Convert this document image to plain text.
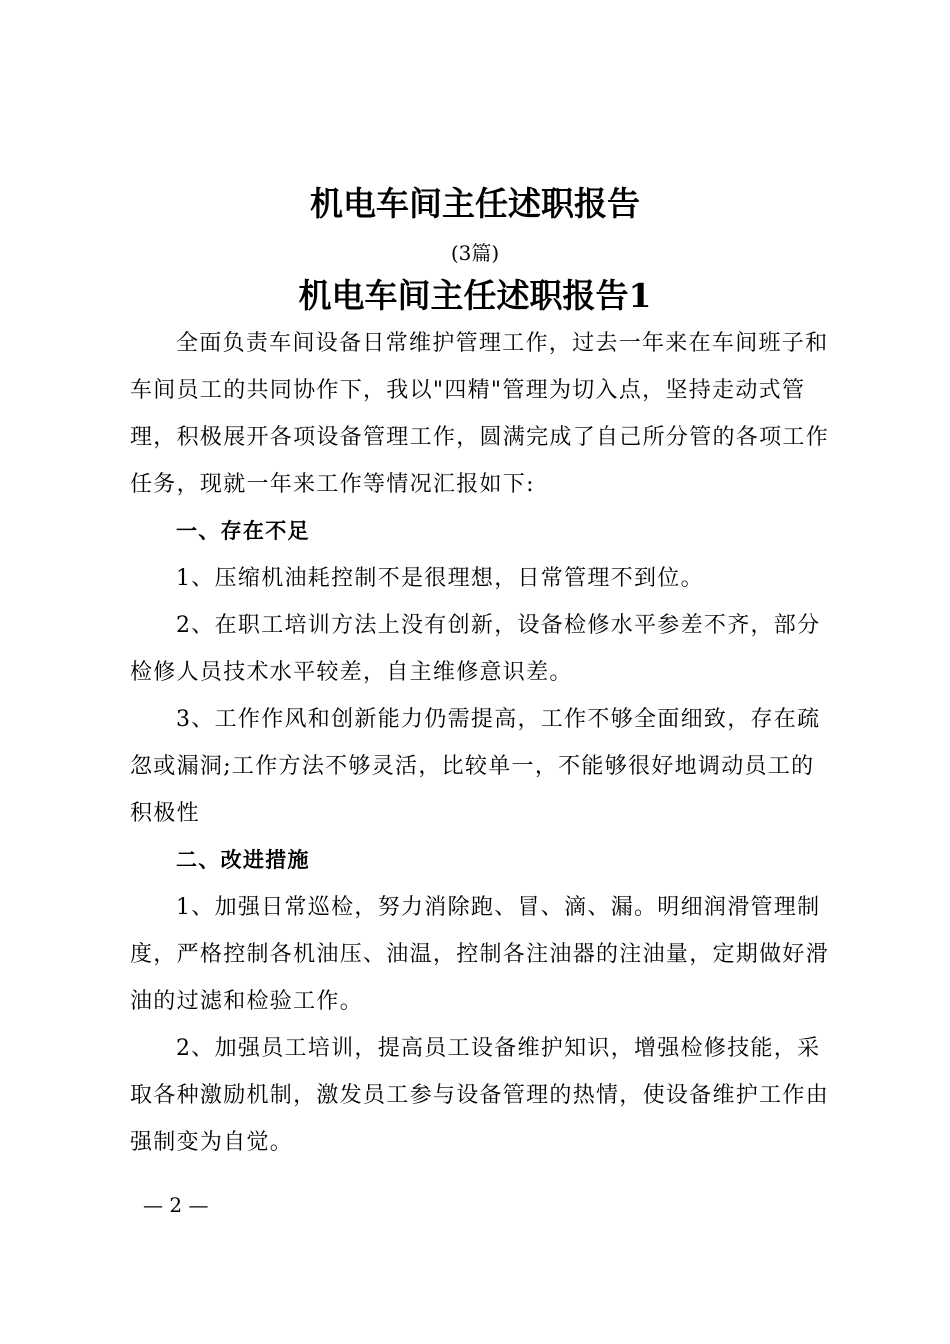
机电车间主任述职报告
(3篇)
机电车间主任述职报告1

全面负责车间设备日常维护管理工作，过去一年来在车间班子和车间员工的共同协作下，我以"四精"管理为切入点，坚持走动式管理，积极展开各项设备管理工作，圆满完成了自己所分管的各项工作任务，现就一年来工作等情况汇报如下:

一、存在不足

1、压缩机油耗控制不是很理想，日常管理不到位。

2、在职工培训方法上没有创新，设备检修水平参差不齐，部分检修人员技术水平较差，自主维修意识差。

3、工作作风和创新能力仍需提高，工作不够全面细致，存在疏忽或漏洞;工作方法不够灵活，比较单一，不能够很好地调动员工的积极性

二、改进措施

1、加强日常巡检，努力消除跑、冒、滴、漏。明细润滑管理制度，严格控制各机油压、油温，控制各注油器的注油量，定期做好滑油的过滤和检验工作。

2、加强员工培训，提高员工设备维护知识，增强检修技能，采取各种激励机制，激发员工参与设备管理的热情，使设备维护工作由强制变为自觉。

— 2 —
